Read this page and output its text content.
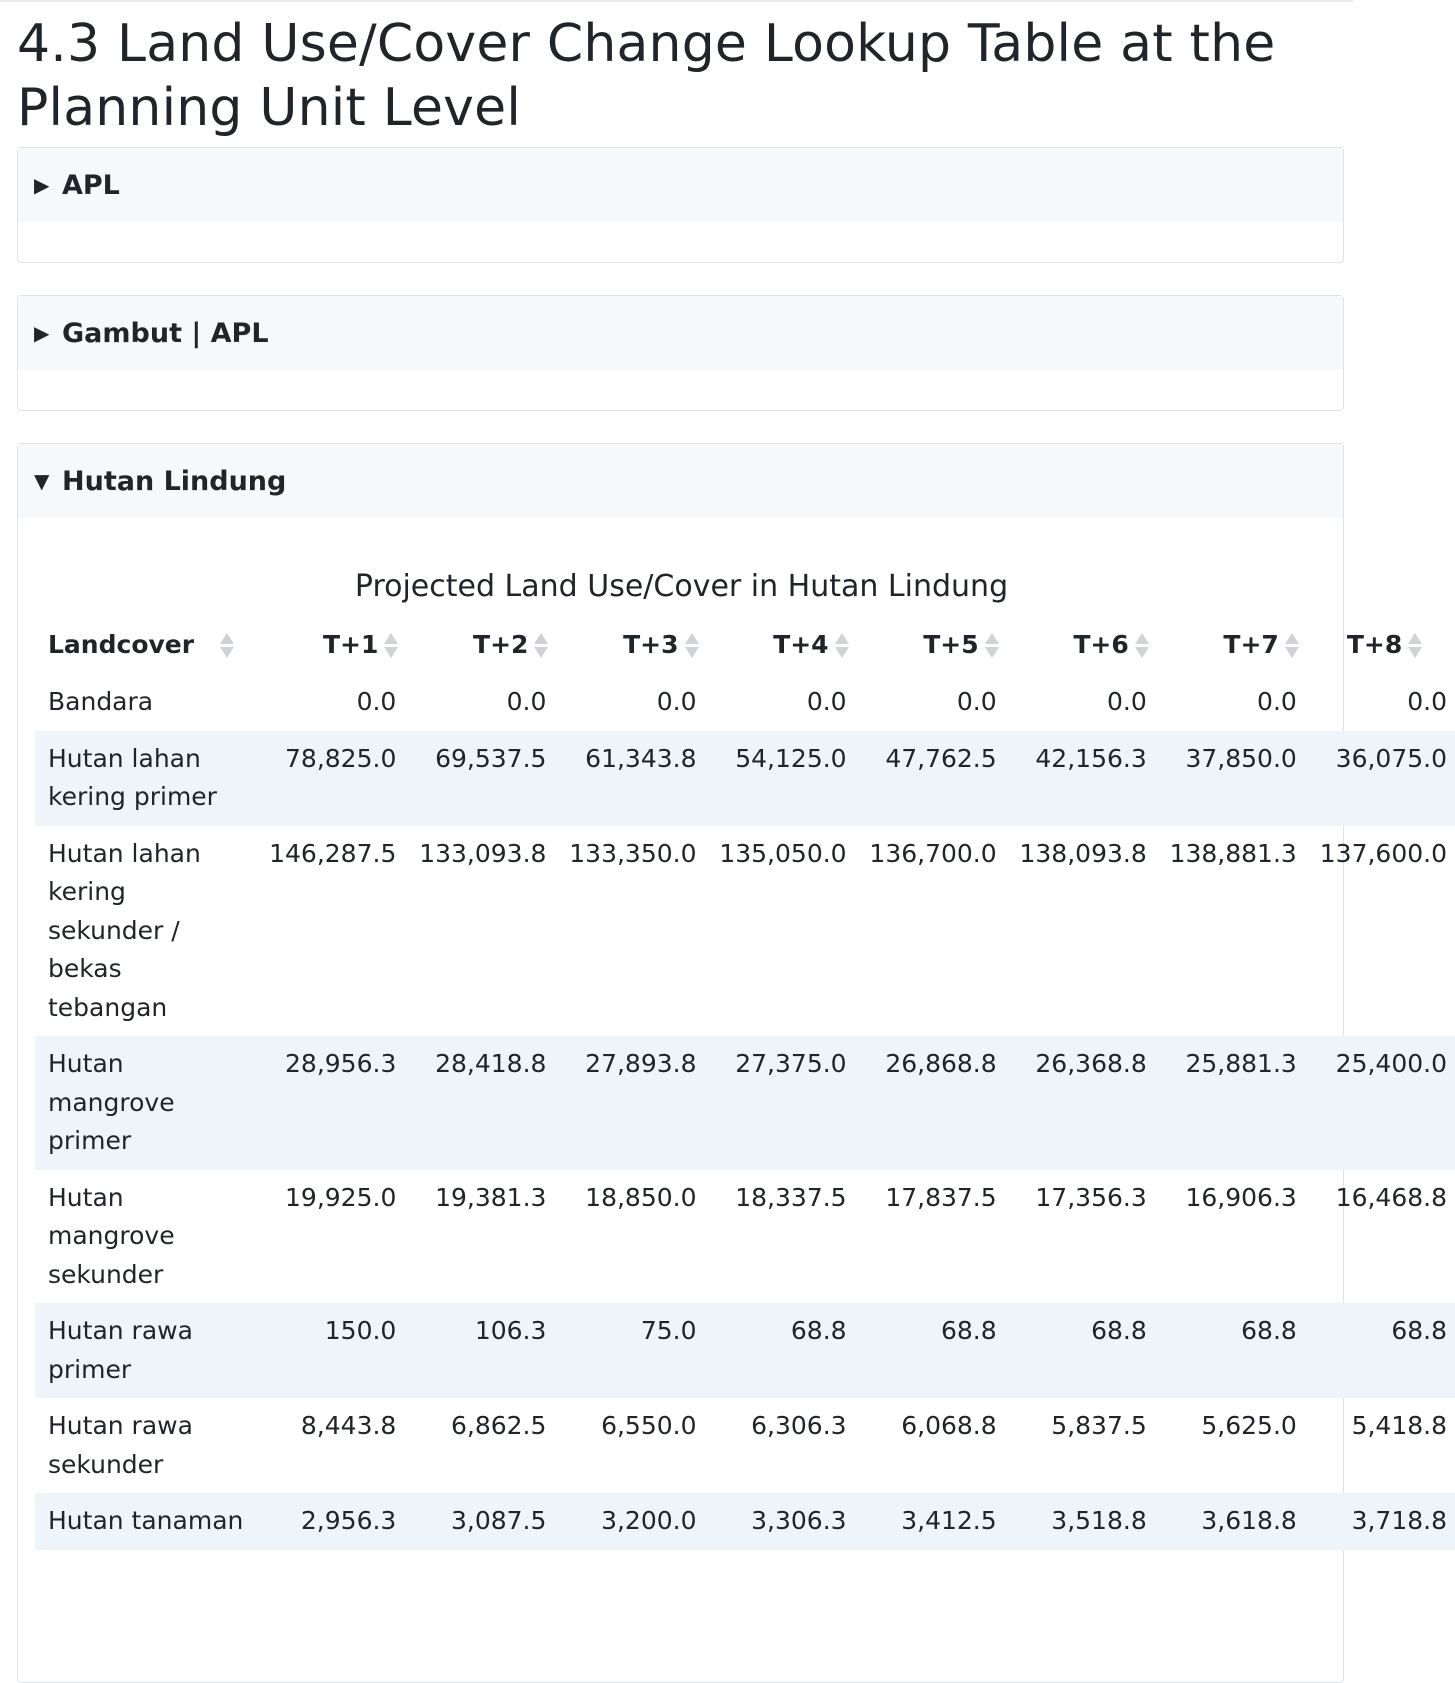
4.3 Land Use/Cover Change Lookup Table at the Planning Unit Level
▶ APL
▶ Gambut | APL
▼ Hutan Lindung
Projected Land Use/Cover in Hutan Lindung
Landcover	T+1	T+2	T+3	T+4	T+5	T+6	T+7	T+8

Bandara	0.0	0.0	0.0	0.0	0.0	0.0	0.0	0.0
Hutan lahan kering primer	78,825.0	69,537.5	61,343.8	54,125.0	47,762.5	42,156.3	37,850.0	36,075.0
Hutan lahan kering sekunder / bekas tebangan	146,287.5	133,093.8	133,350.0	135,050.0	136,700.0	138,093.8	138,881.3	137,600.0
Hutan mangrove primer	28,956.3	28,418.8	27,893.8	27,375.0	26,868.8	26,368.8	25,881.3	25,400.0
Hutan mangrove sekunder	19,925.0	19,381.3	18,850.0	18,337.5	17,837.5	17,356.3	16,906.3	16,468.8
Hutan rawa primer	150.0	106.3	75.0	68.8	68.8	68.8	68.8	68.8
Hutan rawa sekunder	8,443.8	6,862.5	6,550.0	6,306.3	6,068.8	5,837.5	5,625.0	5,418.8
Hutan tanaman	2,956.3	3,087.5	3,200.0	3,306.3	3,412.5	3,518.8	3,618.8	3,718.8
